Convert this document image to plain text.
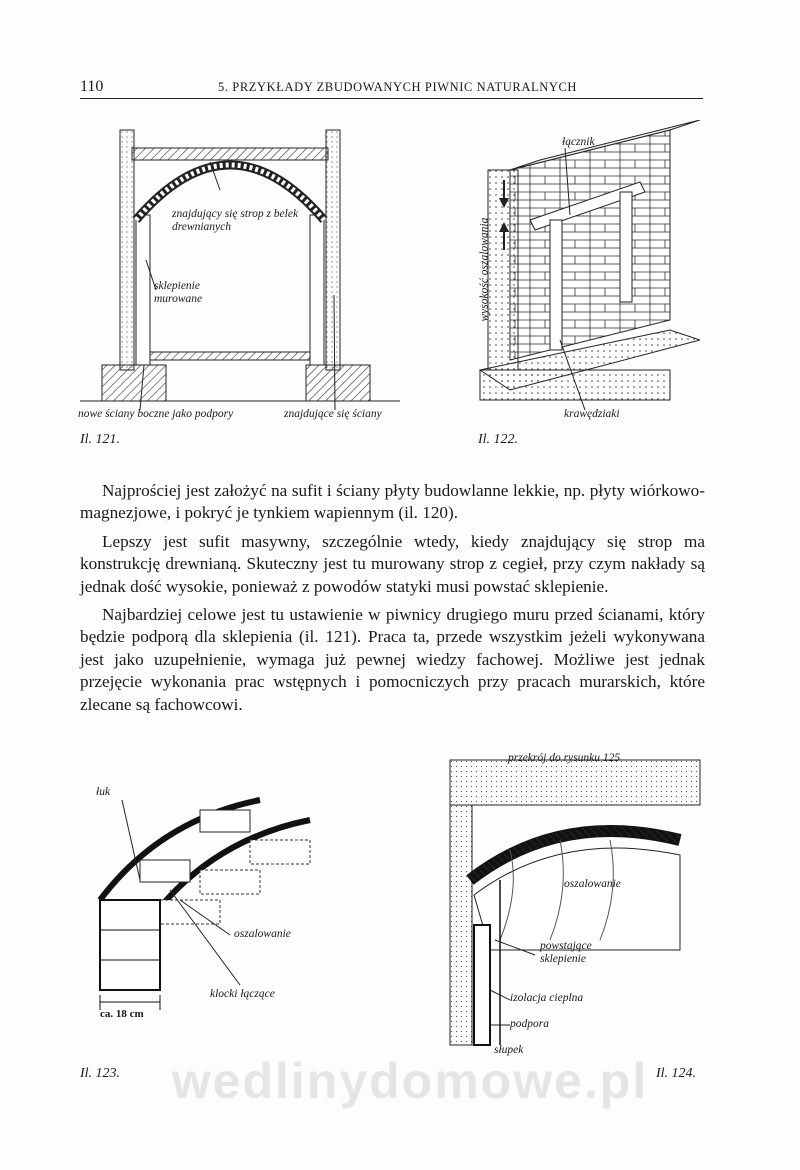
110	5. PRZYKŁADY ZBUDOWANYCH PIWNIC NATURALNYCH
znajdujący się strop z belek drewnianych
sklepienie murowane
nowe ściany boczne jako podpory	znajdujące się ściany
Il. 121.
łącznik
wysokość oszalowania
krawędziaki
Il. 122.

Najprościej jest założyć na sufit i ściany płyty budowlanne lekkie, np. płyty wiórkowo-magnezjowe, i pokryć je tynkiem wapiennym (il. 120).

Lepszy jest sufit masywny, szczególnie wtedy, kiedy znajdujący się strop ma konstrukcję drewnianą. Skuteczny jest tu murowany strop z cegieł, przy czym nakłady są jednak dość wysokie, ponieważ z powodów statyki musi powstać sklepienie.

Najbardziej celowe jest tu ustawienie w piwnicy drugiego muru przed ścianami, który będzie podporą dla sklepienia (il. 121). Praca ta, przede wszystkim jeżeli wykonywana jest jako uzupełnienie, wymaga już pewnej wiedzy fachowej. Możliwe jest jednak przejęcie wykonania prac wstępnych i pomocniczych przy pracach murarskich, które zlecane są fachowcowi.

łuk
oszalowanie
klocki łączące
ca. 18 cm
Il. 123.
przekrój do rysunku 125
oszalowanie
powstające sklepienie
izolacja cieplna
podpora
słupek
Il. 124.
wedlinydomowe.pl
